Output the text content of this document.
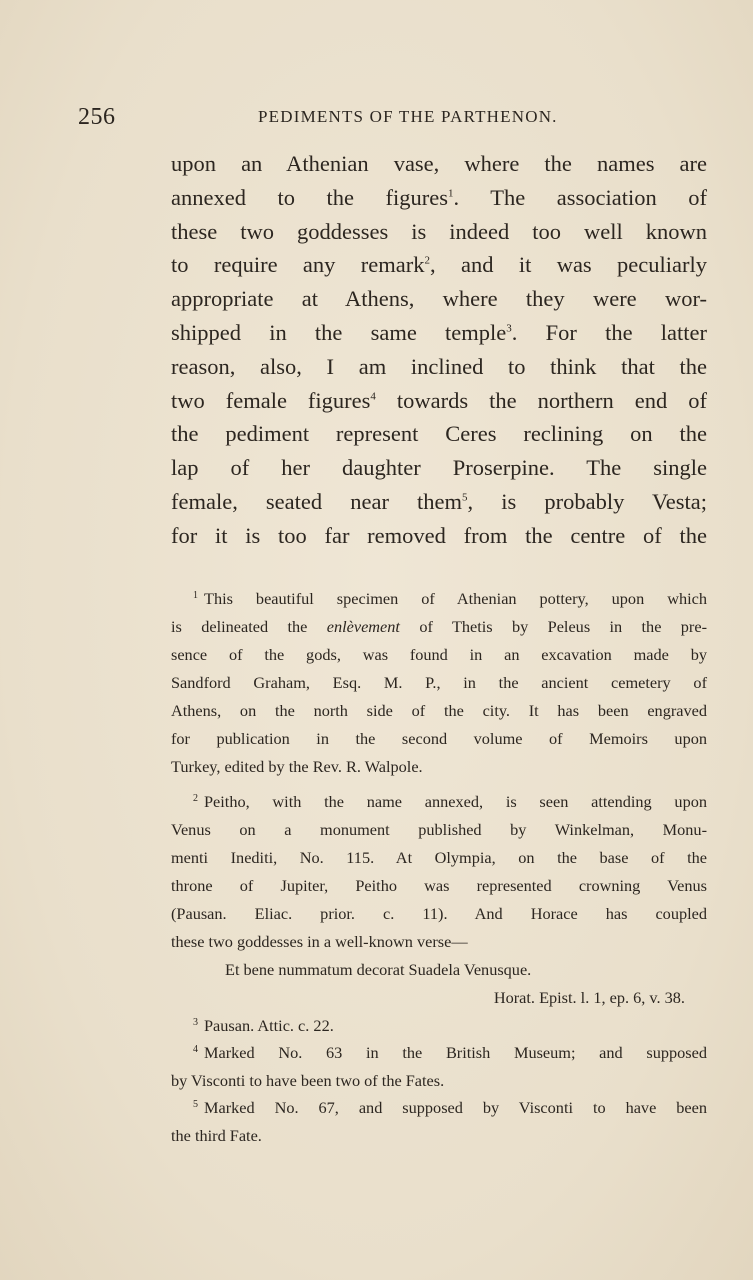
256	PEDIMENTS OF THE PARTHENON.

upon an Athenian vase, where the names are
annexed to the figures$^1$. The association of
these two goddesses is indeed too well known
to require any remark$^2$, and it was peculiarly
appropriate at Athens, where they were wor-
shipped in the same temple$^3$. For the latter
reason, also, I am inclined to think that the
two female figures$^4$ towards the northern end of
the pediment represent Ceres reclining on the
lap of her daughter Proserpine. The single
female, seated near them$^5$, is probably Vesta;
for it is too far removed from the centre of the

$^1$ This beautiful specimen of Athenian pottery, upon which
is delineated the enlèvement of Thetis by Peleus in the pre-
sence of the gods, was found in an excavation made by
Sandford Graham, Esq. M. P., in the ancient cemetery of
Athens, on the north side of the city. It has been engraved
for publication in the second volume of Memoirs upon
Turkey, edited by the Rev. R. Walpole.
$^2$ Peitho, with the name annexed, is seen attending upon
Venus on a monument published by Winkelman, Monu-
menti Inediti, No. 115. At Olympia, on the base of the
throne of Jupiter, Peitho was represented crowning Venus
(Pausan. Eliac. prior. c. 11). And Horace has coupled
these two goddesses in a well-known verse—
Et bene nummatum decorat Suadela Venusque.
Horat. Epist. l. 1, ep. 6, v. 38.
$^3$ Pausan. Attic. c. 22.
$^4$ Marked No. 63 in the British Museum; and supposed
by Visconti to have been two of the Fates.
$^5$ Marked No. 67, and supposed by Visconti to have been
the third Fate.
